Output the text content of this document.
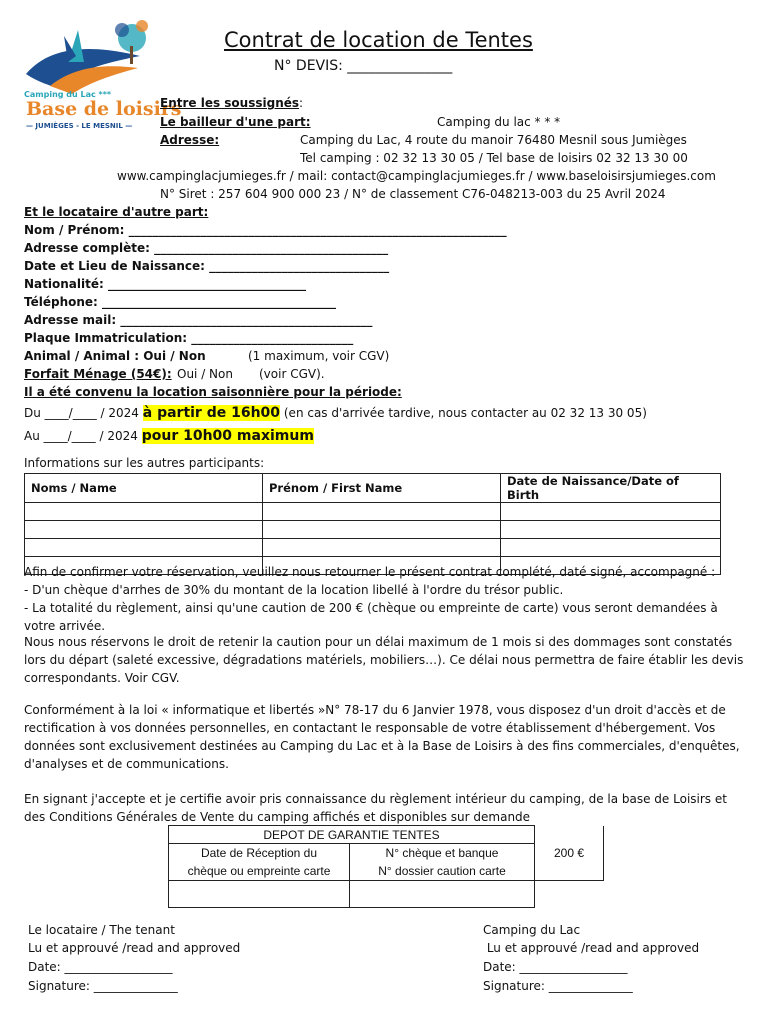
Camping du Lac ***
Base de loisirs
— JUMIÈGES - LE MESNIL —
Contrat de location de Tentes
N° DEVIS: _______________
Entre les soussignés:
Le bailleur d'une part:	Camping du lac * * *
Adresse:	Camping du Lac, 4 route du manoir 76480 Mesnil sous Jumièges
Tel camping : 02 32 13 30 05 / Tel base de loisirs 02 32 13 30 00
www.campinglacjumieges.fr / mail: contact@campinglacjumieges.fr / www.baseloisirsjumieges.com
N° Siret : 257 604 900 000 23 / N° de classement C76-048213-003 du 25 Avril 2024
Et le locataire d'autre part:
Nom / Prénom: _______________________________________________________________
Adresse complète: _______________________________________
Date et Lieu de Naissance: ______________________________
Nationalité: _________________________________
Téléphone: _______________________________________
Adresse mail: __________________________________________
Plaque Immatriculation: ___________________________
Animal / Animal : Oui / Non	(1 maximum, voir CGV)
Forfait Ménage (54€): Oui / Non (voir CGV).
Il a été convenu la location saisonnière pour la période:
Du ____/____ / 2024 à partir de 16h00 (en cas d'arrivée tardive, nous contacter au 02 32 13 30 05)
Au ____/____ / 2024 pour 10h00 maximum
Informations sur les autres participants:
Noms / Name	Prénom / First Name	Date de Naissance/Date of Birth

Afin de confirmer votre réservation, veuillez nous retourner le présent contrat complété, daté signé, accompagné :
- D'un chèque d'arrhes de 30% du montant de la location libellé à l'ordre du trésor public.
- La totalité du règlement, ainsi qu'une caution de 200 € (chèque ou empreinte de carte) vous seront demandées à votre arrivée.
Nous nous réservons le droit de retenir la caution pour un délai maximum de 1 mois si des dommages sont constatés lors du départ (saleté excessive, dégradations matériels, mobiliers…). Ce délai nous permettra de faire établir les devis correspondants. Voir CGV.
Conformément à la loi « informatique et libertés »N° 78-17 du 6 Janvier 1978, vous disposez d'un droit d'accès et de rectification à vos données personnelles, en contactant le responsable de votre établissement d'hébergement. Vos données sont exclusivement destinées au Camping du Lac et à la Base de Loisirs à des fins commerciales, d'enquêtes, d'analyses et de communications.
En signant j'accepte et je certifie avoir pris connaissance du règlement intérieur du camping, de la base de Loisirs et des Conditions Générales de Vente du camping affichés et disponibles sur demande
DEPOT DE GARANTIE TENTES		200 €
Date de Réception du	N° chèque et banque	
chèque ou empreinte carte	N° dossier caution carte	

Le locataire / The tenant
Lu et approuvé /read and approved
Date: __________________
Signature: ______________
Camping du Lac
Lu et approuvé /read and approved
Date: __________________
Signature: ______________
